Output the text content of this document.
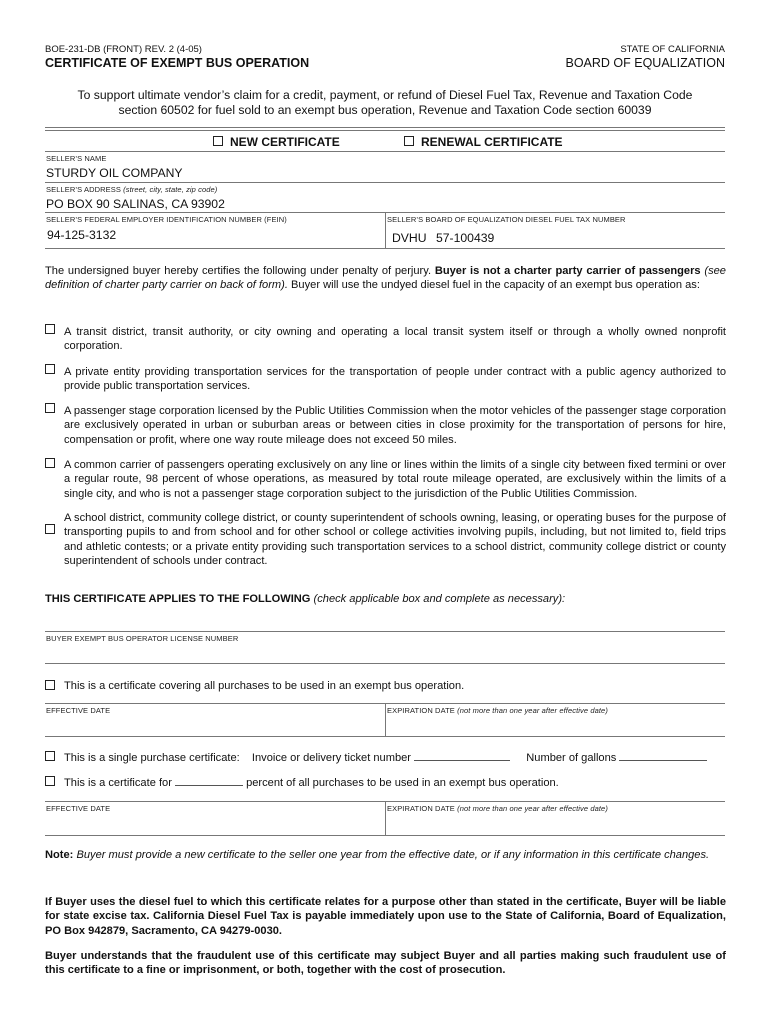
BOE-231-DB (FRONT) REV. 2 (4-05)
CERTIFICATE OF EXEMPT BUS OPERATION
STATE OF CALIFORNIA
BOARD OF EQUALIZATION
To support ultimate vendor’s claim for a credit, payment, or refund of Diesel Fuel Tax, Revenue and Taxation Code
section 60502 for fuel sold to an exempt bus operation, Revenue and Taxation Code section 60039
NEW CERTIFICATE	RENEWAL CERTIFICATE
SELLER’S NAME
STURDY OIL COMPANY
SELLER’S ADDRESS (street, city, state, zip code)
PO BOX 90 SALINAS, CA 93902
SELLER’S FEDERAL EMPLOYER IDENTIFICATION NUMBER (FEIN)
94-125-3132
SELLER’S BOARD OF EQUALIZATION DIESEL FUEL TAX NUMBER
DVHU 57-100439
The undersigned buyer hereby certifies the following under penalty of perjury. Buyer is not a charter party carrier of passengers (see definition of charter party carrier on back of form). Buyer will use the undyed diesel fuel in the capacity of an exempt bus operation as:
A transit district, transit authority, or city owning and operating a local transit system itself or through a wholly owned nonprofit corporation.
A private entity providing transportation services for the transportation of people under contract with a public agency authorized to provide public transportation services.
A passenger stage corporation licensed by the Public Utilities Commission when the motor vehicles of the passenger stage corporation are exclusively operated in urban or suburban areas or between cities in close proximity for the transportation of persons for hire, compensation or profit, where one way route mileage does not exceed 50 miles.
A common carrier of passengers operating exclusively on any line or lines within the limits of a single city between fixed termini or over a regular route, 98 percent of whose operations, as measured by total route mileage operated, are exclusively within the limits of a single city, and who is not a passenger stage corporation subject to the jurisdiction of the Public Utilities Commission.
A school district, community college district, or county superintendent of schools owning, leasing, or operating buses for the purpose of transporting pupils to and from school and for other school or college activities involving pupils, including, but not limited to, field trips and athletic contests; or a private entity providing such transportation services to a school district, community college district or county superintendent of schools under contract.
THIS CERTIFICATE APPLIES TO THE FOLLOWING (check applicable box and complete as necessary):
BUYER EXEMPT BUS OPERATOR LICENSE NUMBER
This is a certificate covering all purchases to be used in an exempt bus operation.
EFFECTIVE DATE	EXPIRATION DATE (not more than one year after effective date)
This is a single purchase certificate: Invoice or delivery ticket number	Number of gallons
This is a certificate for	percent of all purchases to be used in an exempt bus operation.
EFFECTIVE DATE	EXPIRATION DATE (not more than one year after effective date)
Note: Buyer must provide a new certificate to the seller one year from the effective date, or if any information in this certificate changes.
If Buyer uses the diesel fuel to which this certificate relates for a purpose other than stated in the certificate, Buyer will be liable for state excise tax. California Diesel Fuel Tax is payable immediately upon use to the State of California, Board of Equalization, PO Box 942879, Sacramento, CA 94279-0030.
Buyer understands that the fraudulent use of this certificate may subject Buyer and all parties making such fraudulent use of this certificate to a fine or imprisonment, or both, together with the cost of prosecution.
